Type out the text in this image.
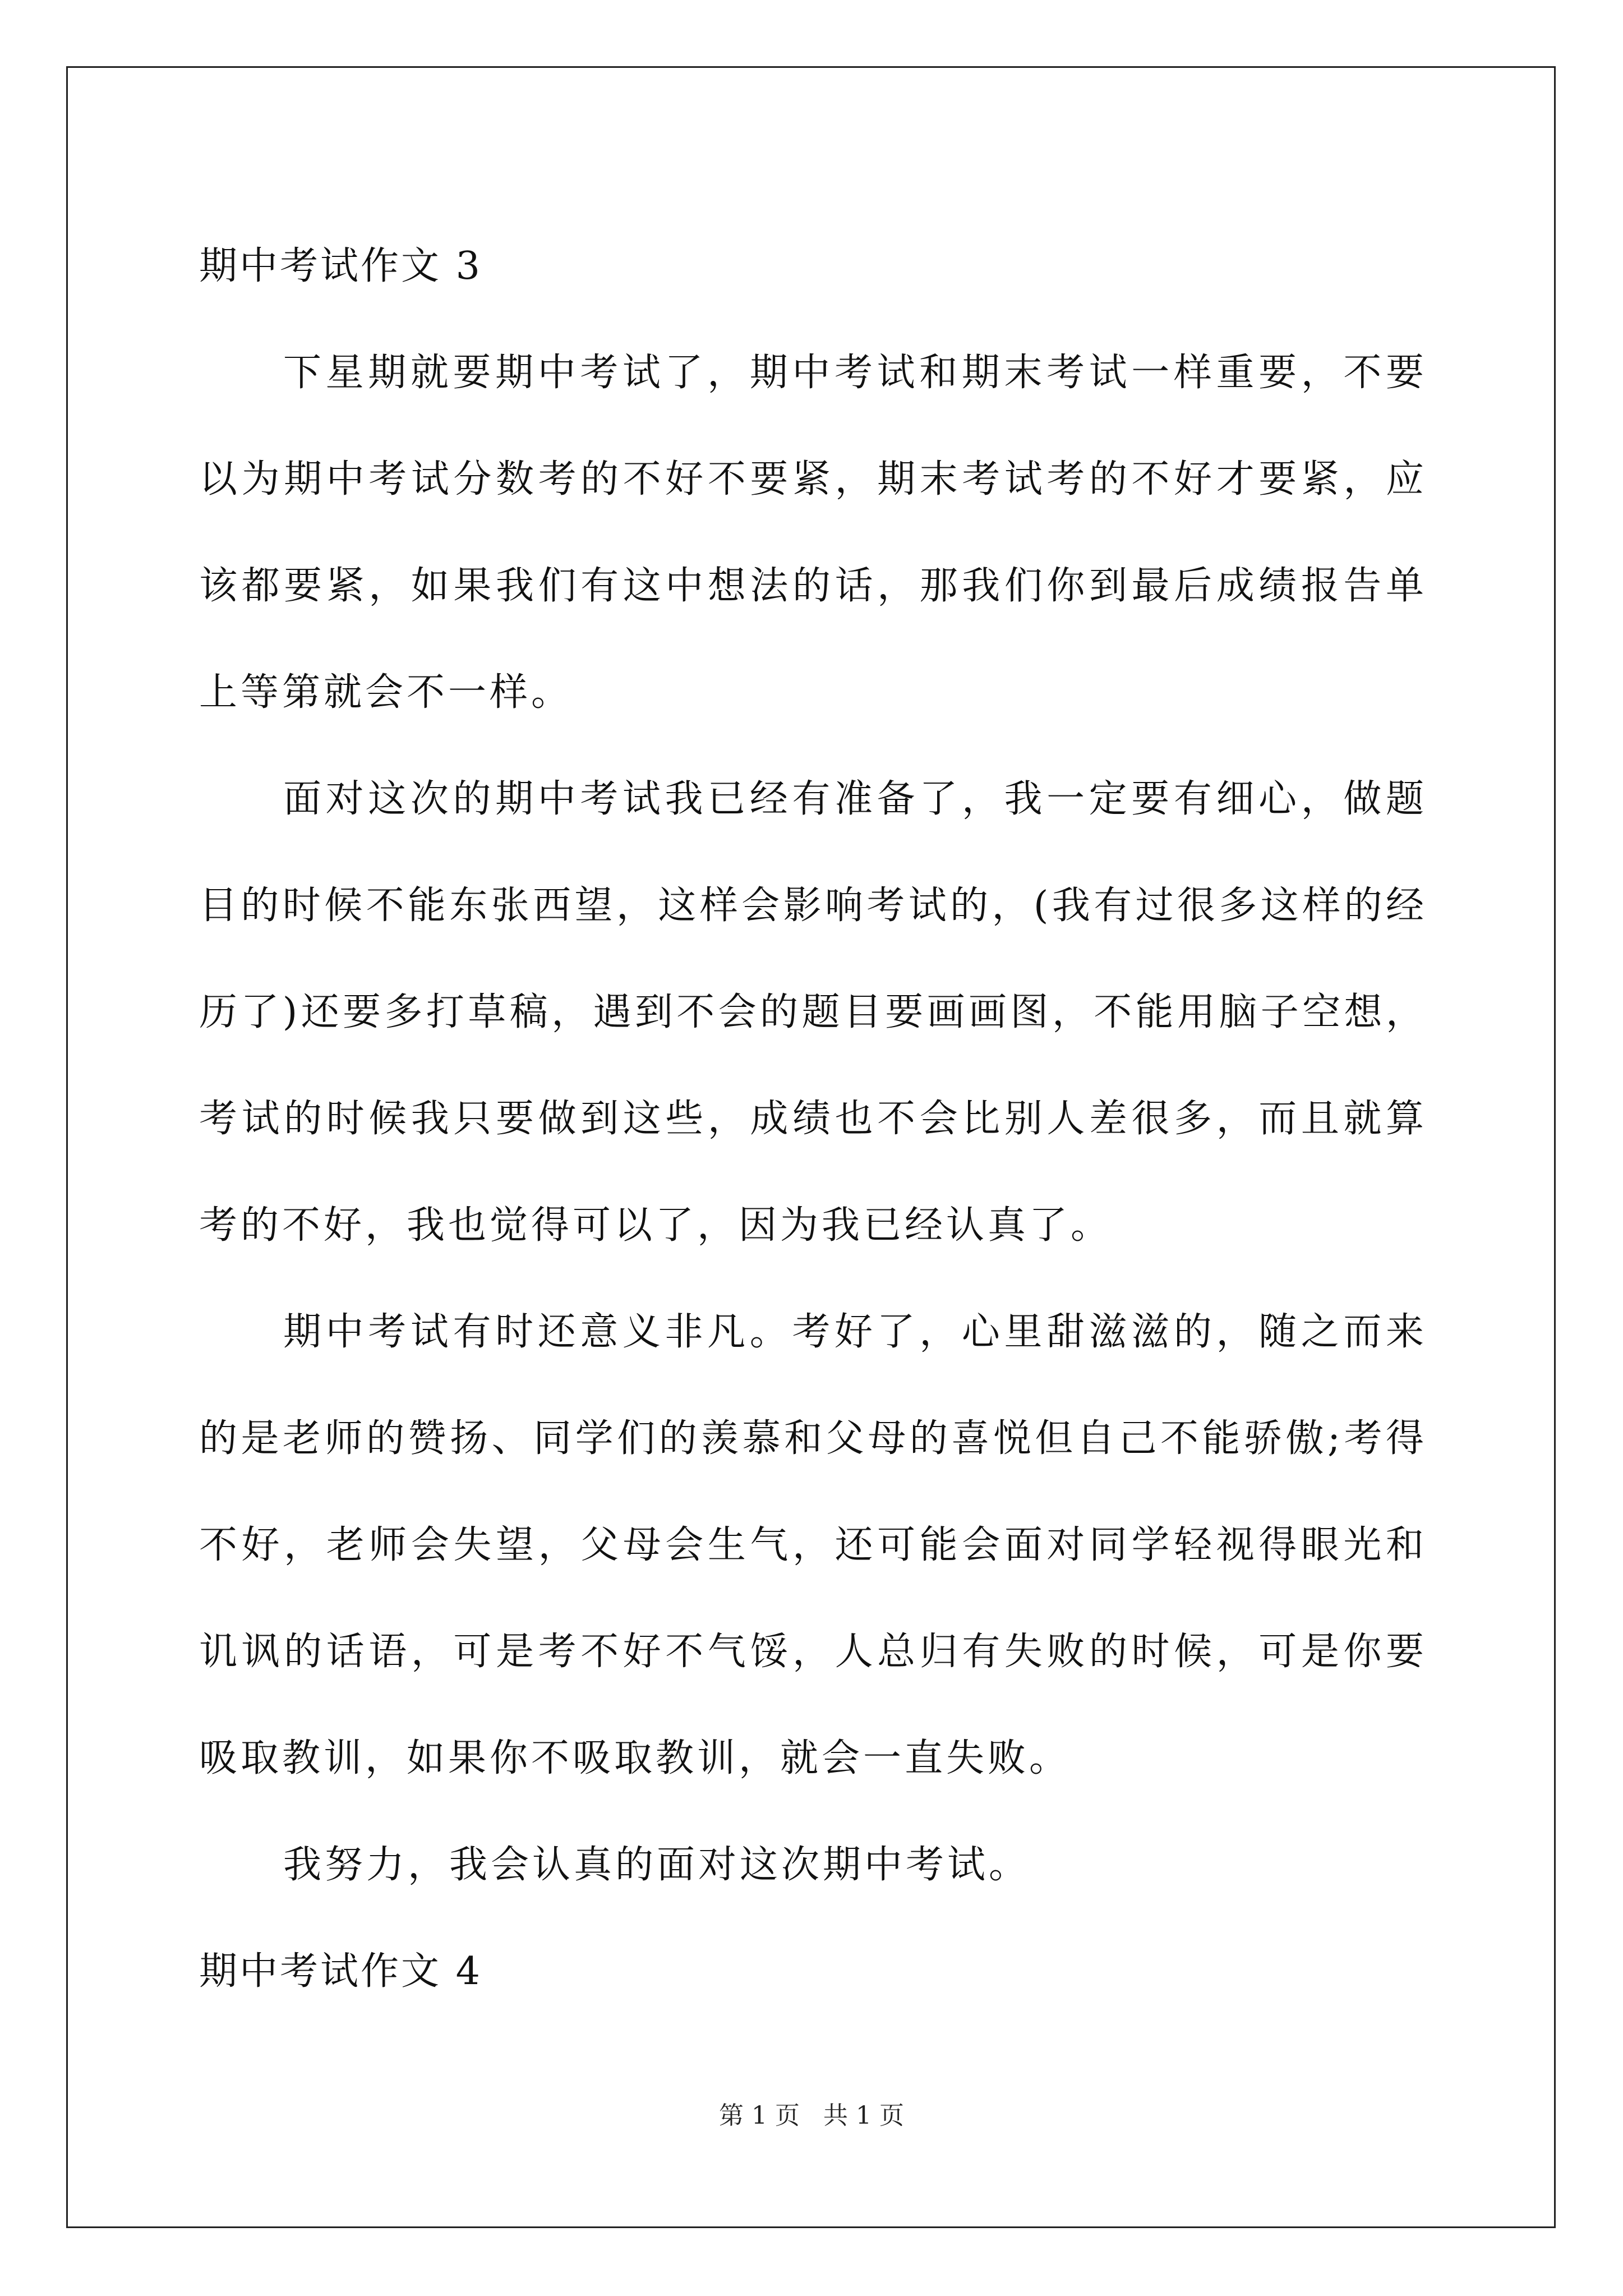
期中考试作文 3

下星期就要期中考试了，期中考试和期末考试一样重要，不要以为期中考试分数考的不好不要紧，期末考试考的不好才要紧，应该都要紧，如果我们有这中想法的话，那我们你到最后成绩报告单上等第就会不一样。

面对这次的期中考试我已经有准备了，我一定要有细心，做题目的时候不能东张西望，这样会影响考试的，(我有过很多这样的经历了)还要多打草稿，遇到不会的题目要画画图，不能用脑子空想，考试的时候我只要做到这些，成绩也不会比别人差很多，而且就算考的不好，我也觉得可以了，因为我已经认真了。

期中考试有时还意义非凡。考好了，心里甜滋滋的，随之而来的是老师的赞扬、同学们的羡慕和父母的喜悦但自己不能骄傲;考得不好，老师会失望，父母会生气，还可能会面对同学轻视得眼光和讥讽的话语，可是考不好不气馁，人总归有失败的时候，可是你要吸取教训，如果你不吸取教训，就会一直失败。

我努力，我会认真的面对这次期中考试。

期中考试作文 4
第 1 页   共 1 页
